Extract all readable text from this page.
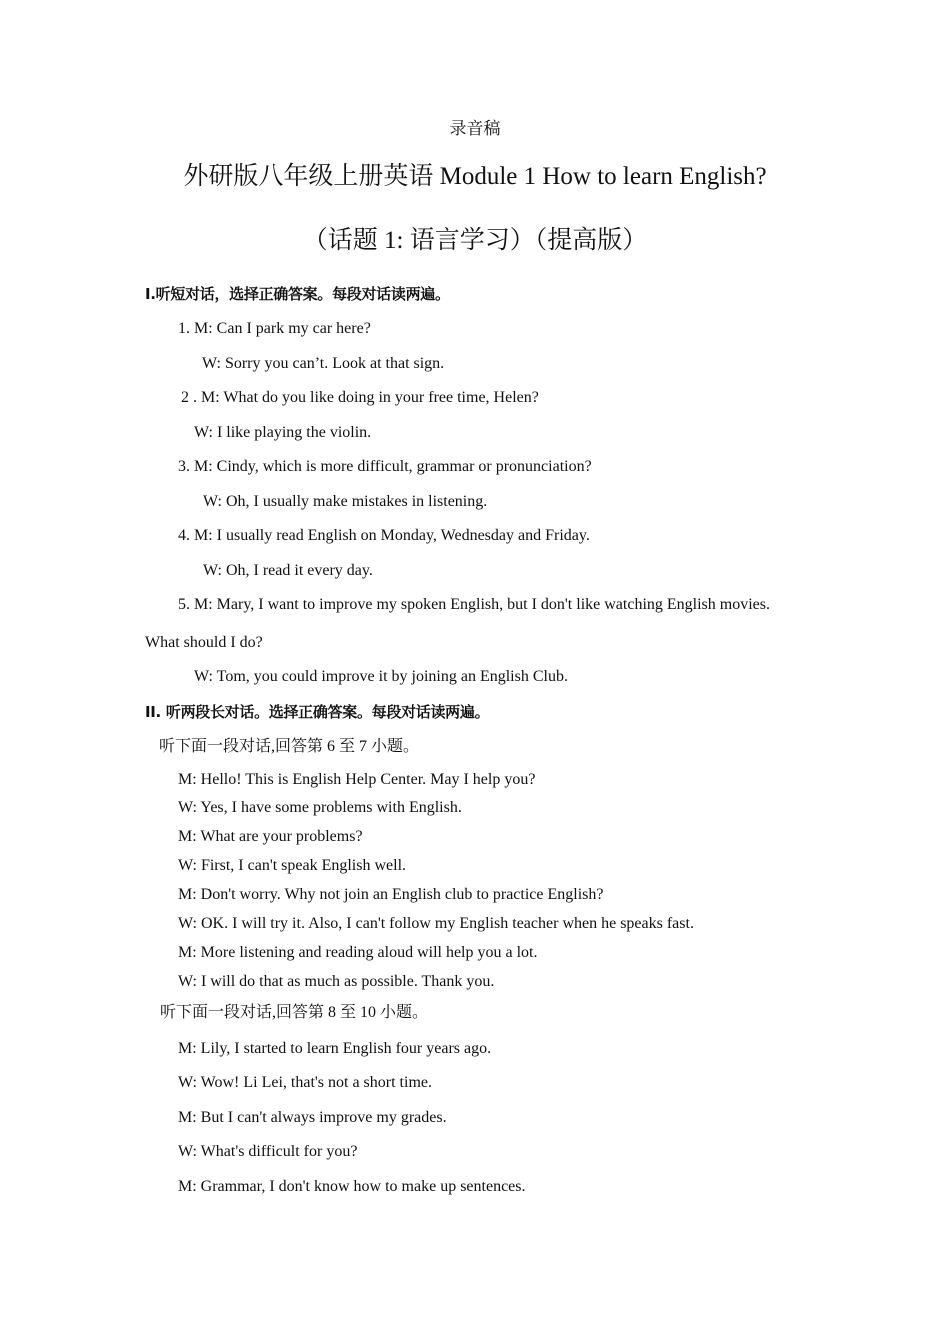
录音稿
外研版八年级上册英语 Module 1 How to learn English?
（话题 1: 语言学习）（提高版）
I.听短对话，选择正确答案。每段对话读两遍。
1. M: Can I park my car here?
W: Sorry you can’t. Look at that sign.
2 . M: What do you like doing in your free time, Helen?
W: I like playing the violin.
3. M: Cindy, which is more difficult, grammar or pronunciation?
W: Oh, I usually make mistakes in listening.
4. M: I usually read English on Monday, Wednesday and Friday.
W: Oh, I read it every day.
5. M: Mary, I want to improve my spoken English, but I don't like watching English movies.
What should I do?
W: Tom, you could improve it by joining an English Club.
II. 听两段长对话。选择正确答案。每段对话读两遍。
听下面一段对话,回答第 6 至 7 小题。
M: Hello! This is English Help Center. May I help you?
W: Yes, I have some problems with English.
M: What are your problems?
W: First, I can't speak English well.
M: Don't worry. Why not join an English club to practice English?
W: OK. I will try it. Also, I can't follow my English teacher when he speaks fast.
M: More listening and reading aloud will help you a lot.
W: I will do that as much as possible. Thank you.
听下面一段对话,回答第 8 至 10 小题。
M: Lily, I started to learn English four years ago.
W: Wow! Li Lei, that's not a short time.
M: But I can't always improve my grades.
W: What's difficult for you?
M: Grammar, I don't know how to make up sentences.
